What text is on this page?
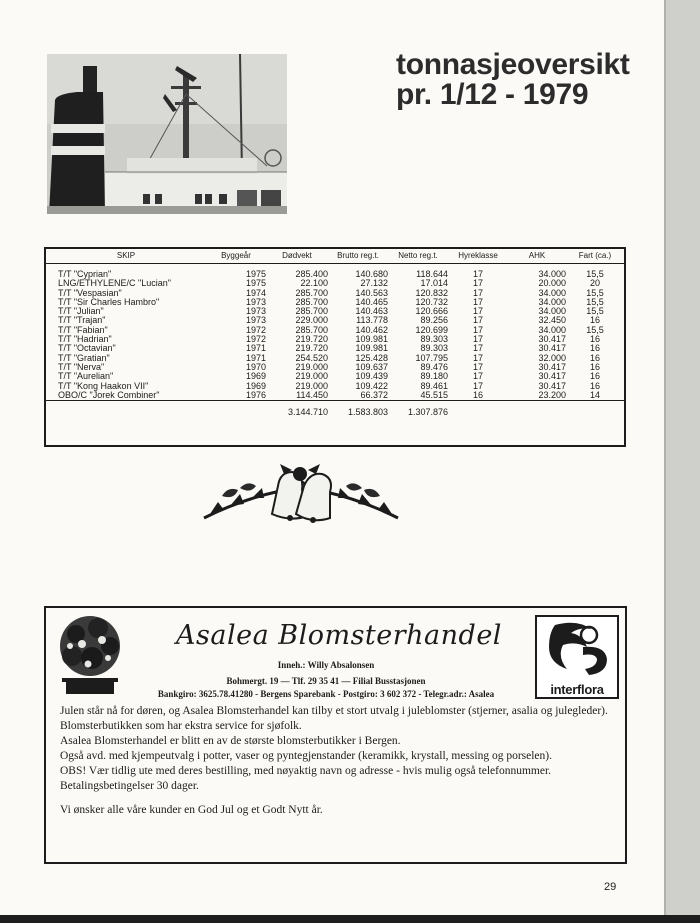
tonnasjeoversikt
pr. 1/12 - 1979
SKIP	Byggeår	Dødvekt	Brutto reg.t.	Netto reg.t.	Hyreklasse	AHK	Fart (ca.)
T/T "Cyprian"	1975	285.400	140.680	118.644	17	34.000	15,5
LNG/ETHYLENE/C "Lucian"	1975	22.100	27.132	17.014	17	20.000	20
T/T "Vespasian"	1974	285.700	140.563	120.832	17	34.000	15,5
T/T "Sir Charles Hambro"	1973	285.700	140.465	120.732	17	34.000	15,5
T/T "Julian"	1973	285.700	140.463	120.666	17	34.000	15,5
T/T "Trajan"	1973	229.000	113.778	89.256	17	32.450	16
T/T "Fabian"	1972	285.700	140.462	120.699	17	34.000	15,5
T/T "Hadrian"	1972	219.720	109.981	89.303	17	30.417	16
T/T "Octavian"	1971	219.720	109.981	89.303	17	30.417	16
T/T "Gratian"	1971	254.520	125.428	107.795	17	32.000	16
T/T "Nerva"	1970	219.000	109.637	89.476	17	30.417	16
T/T "Aurelian"	1969	219.000	109.439	89.180	17	30.417	16
T/T "Kong Haakon VII"	1969	219.000	109.422	89.461	17	30.417	16
OBO/C "Jorek Combiner"	1976	114.450	66.372	45.515	16	23.200	14
		3.144.710	1.583.803	1.307.876			
Asalea Blomsterhandel
Inneh.: Willy Absalonsen
Bohmergt. 19 — Tlf. 29 35 41 — Filial Busstasjonen
Bankgiro: 3625.78.41280 - Bergens Sparebank - Postgiro: 3 602 372 - Telegr.adr.: Asalea	interflora

Julen står nå for døren, og Asalea Blomsterhandel kan tilby et stort utvalg i juleblomster (stjerner, asalia og julegleder).

Blomsterbutikken som har ekstra service for sjøfolk.

Asalea Blomsterhandel er blitt en av de største blomsterbutikker i Bergen.

Også avd. med kjempeutvalg i potter, vaser og pyntegjenstander (keramikk, krystall, messing og porselen).

OBS! Vær tidlig ute med deres bestilling, med nøyaktig navn og adresse - hvis mulig også telefonnummer.

Betalingsbetingelser 30 dager.

Vi ønsker alle våre kunder en God Jul og et Godt Nytt år.

29
